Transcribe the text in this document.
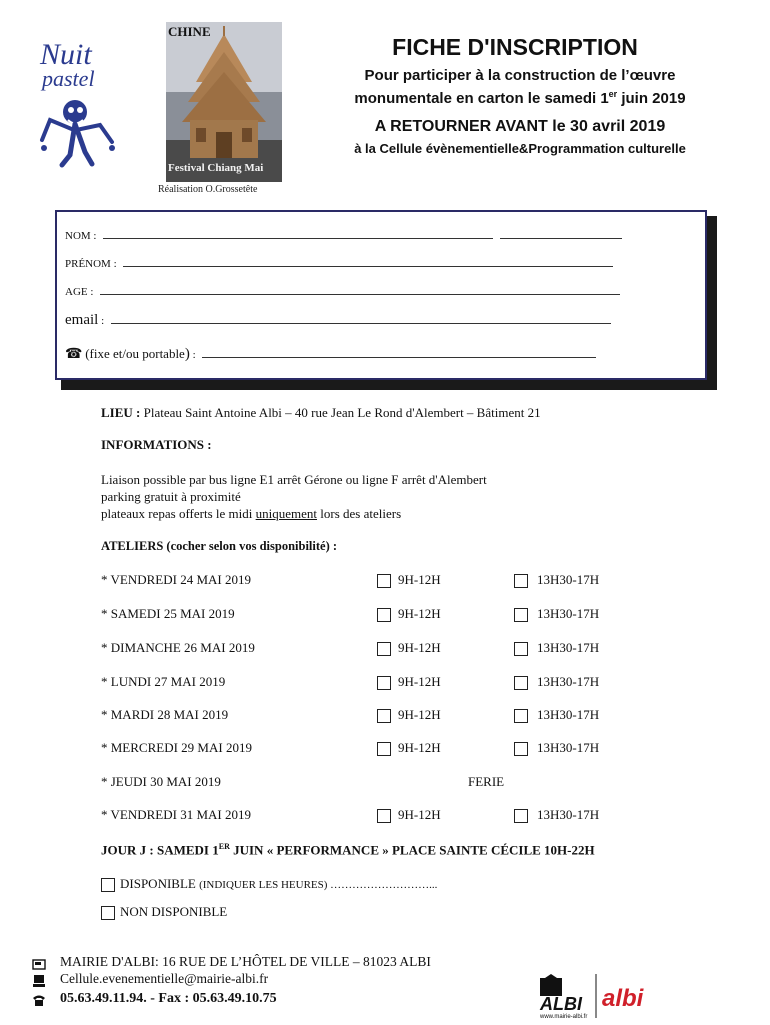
Nuit
pastel
CHINE
Festival Chiang Mai
Réalisation O.Grossetête
FICHE D'INSCRIPTION
Pour participer à la construction de l’œuvre
monumentale en carton le samedi 1er juin 2019
A RETOURNER AVANT le 30 avril 2019
à la Cellule évènementielle&Programmation culturelle
NOM :
PRÉNOM :
AGE :
email :
☎ (fixe et/ou portable) :
LIEU : Plateau Saint Antoine Albi – 40 rue Jean Le Rond d'Alembert – Bâtiment 21
INFORMATIONS :
Liaison possible par bus ligne E1 arrêt Gérone ou ligne F arrêt d'Alembert
parking gratuit à proximité
plateaux repas offerts le midi uniquement lors des ateliers
ATELIERS (cocher selon vos disponibilité) :
* VENDREDI 24 MAI 2019	9H-12H	13H30-17H
* SAMEDI 25 MAI 2019	9H-12H	13H30-17H
* DIMANCHE 26 MAI 2019	9H-12H	13H30-17H
* LUNDI 27 MAI 2019	9H-12H	13H30-17H
* MARDI 28 MAI 2019	9H-12H	13H30-17H
* MERCREDI 29 MAI 2019	9H-12H	13H30-17H
* JEUDI 30 MAI 2019	FERIE
* VENDREDI 31 MAI 2019	9H-12H	13H30-17H
JOUR J : SAMEDI 1ER JUIN « PERFORMANCE » PLACE SAINTE CÉCILE 10H-22H
DISPONIBLE (INDIQUER LES HEURES) ………………………...
NON DISPONIBLE
MAIRIE D'ALBI: 16 RUE DE L’HÔTEL DE VILLE – 81023 ALBI
Cellule.evenementielle@mairie-albi.fr
05.63.49.11.94. - Fax : 05.63.49.10.75	ALBI albi
www.mairie-albi.fr
